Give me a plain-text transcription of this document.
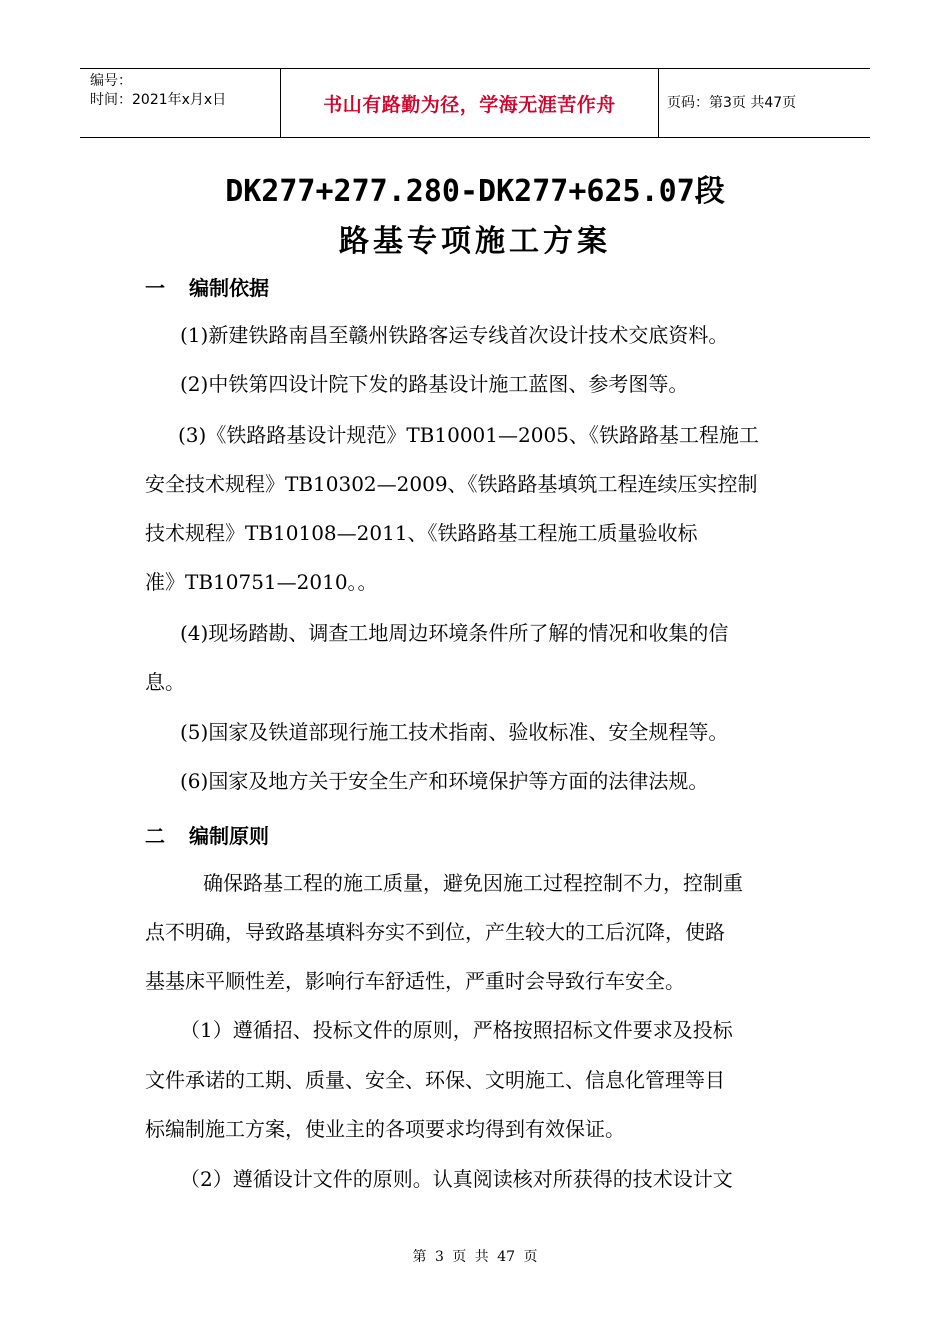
编号：
时间：2021年x月x日	书山有路勤为径，学海无涯苦作舟	页码：第3页 共47页
DK277+277.280-DK277+625.07段
路基专项施工方案
一 编制依据
(1)新建铁路南昌至赣州铁路客运专线首次设计技术交底资料。
(2)中铁第四设计院下发的路基设计施工蓝图、参考图等。
(3)《铁路路基设计规范》TB10001—2005、《铁路路基工程施工
安全技术规程》TB10302—2009、《铁路路基填筑工程连续压实控制
技术规程》TB10108—2011、《铁路路基工程施工质量验收标
准》TB10751—2010。。
(4)现场踏勘、调查工地周边环境条件所了解的情况和收集的信
息。
(5)国家及铁道部现行施工技术指南、验收标准、安全规程等。
(6)国家及地方关于安全生产和环境保护等方面的法律法规。
二 编制原则
确保路基工程的施工质量，避免因施工过程控制不力，控制重
点不明确，导致路基填料夯实不到位，产生较大的工后沉降，使路
基基床平顺性差，影响行车舒适性，严重时会导致行车安全。
（1）遵循招、投标文件的原则，严格按照招标文件要求及投标
文件承诺的工期、质量、安全、环保、文明施工、信息化管理等目
标编制施工方案，使业主的各项要求均得到有效保证。
（2）遵循设计文件的原则。认真阅读核对所获得的技术设计文
第 3 页 共 47 页
